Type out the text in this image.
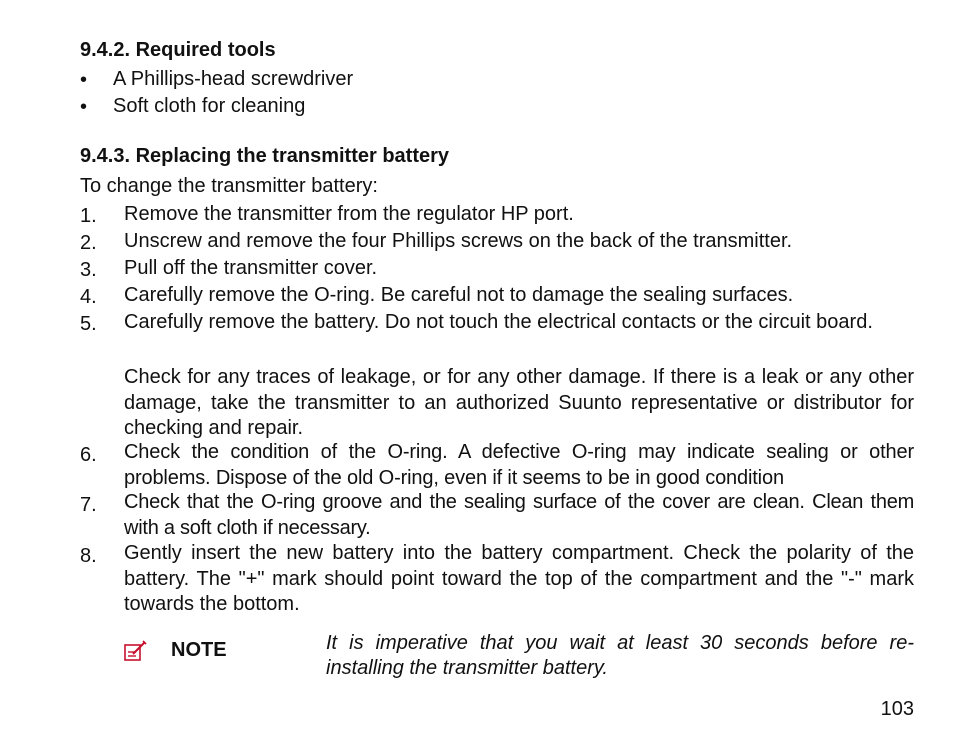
9.4.2. Required tools
•	A Phillips-head screwdriver
•	Soft cloth for cleaning
9.4.3. Replacing the transmitter battery
To change the transmitter battery:
1.	Remove the transmitter from the regulator HP port.
2.	Unscrew and remove the four Phillips screws on the back of the transmitter.
3.	Pull off the transmitter cover.
4.	Carefully remove the O-ring. Be careful not to damage the sealing surfaces.
5.	Carefully remove the battery. Do not touch the electrical contacts or the circuit board.
Check for any traces of leakage, or for any other damage. If there is a leak or any other damage, take the transmitter to an authorized Suunto representative or distributor for checking and repair.
6.	Check the condition of the O-ring. A defective O-ring may indicate sealing or other problems. Dispose of the old O-ring, even if it seems to be in good condition
7.	Check that the O-ring groove and the sealing surface of the cover are clean. Clean them with a soft cloth if necessary.
8.	Gently insert the new battery into the battery compartment. Check the polarity of the battery. The "+" mark should point toward the top of the compartment and the "-" mark towards the bottom.
NOTE	It is imperative that you wait at least 30 seconds before re-installing the transmitter battery.
103
